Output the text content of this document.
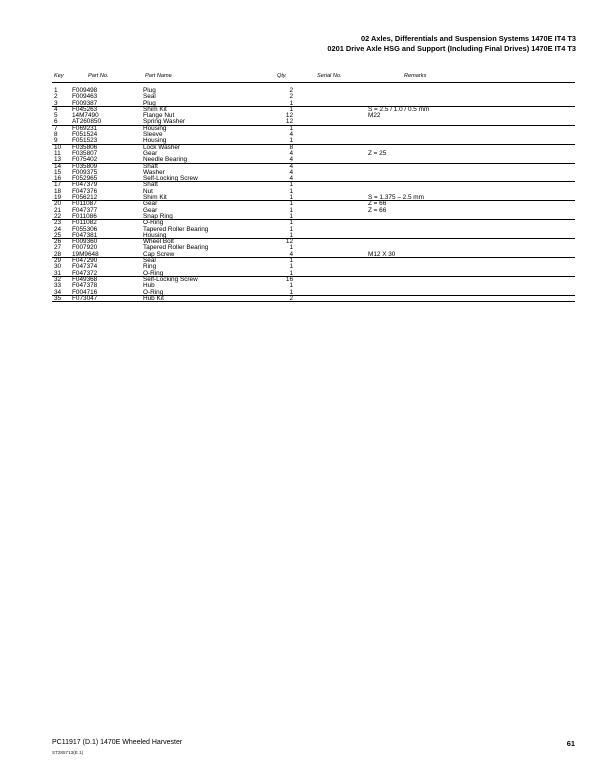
02 Axles, Differentials and Suspension Systems 1470E IT4 T3
0201 Drive Axle HSG and Support (Including Final Drives) 1470E IT4 T3
Key	Part No.	Part Name	Qty.	Serial No.	Remarks
1 F009498	Plug	2
2 F009463	Seal	2
3 F009387	Plug	1
4 F045263	Shim Kit	1	S = 2.5 / 1.0 / 0.5 mm
5 14M7490	Flange Nut	12	M22
6 AT260850	Spring Washer	12
7 F069231	Housing	1
8 F051524	Sleeve	4
9 F051523	Housing	1
10 F035806	Lock Washer	8
11 F035807	Gear	4	Z = 25
13 F075402	Needle Bearing	4
14 F035809	Shaft	4
15 F009375	Washer	4
16 F052965	Self-Locking Screw	4
17 F047379	Shaft	1
18 F047376	Nut	1
19 F056212	Shim Kit	1	S = 1.375 – 2.5 mm
20 F011087	Gear	1	Z = 66
21 F047377	Gear	1	Z = 66
22 F011086	Snap Ring	1
23 F011082	O-Ring	1
24 F055306	Tapered Roller Bearing	1
25 F047381	Housing	1
26 F009360	Wheel Bolt	12
27 F007920	Tapered Roller Bearing	1
28 19M9648	Cap Screw	4	M12 X 30
29 F047290	Seal	1
30 F047374	Ring	1
31 F047372	O-Ring	1
32 F049368	Self-Locking Screw	16
33 F047378	Hub	1
34 F004716	O-Ring	1
35 F073047	Hub Kit	2
PC11917 (D.1) 1470E Wheeled Harvester
ST285713(E.1)
61
